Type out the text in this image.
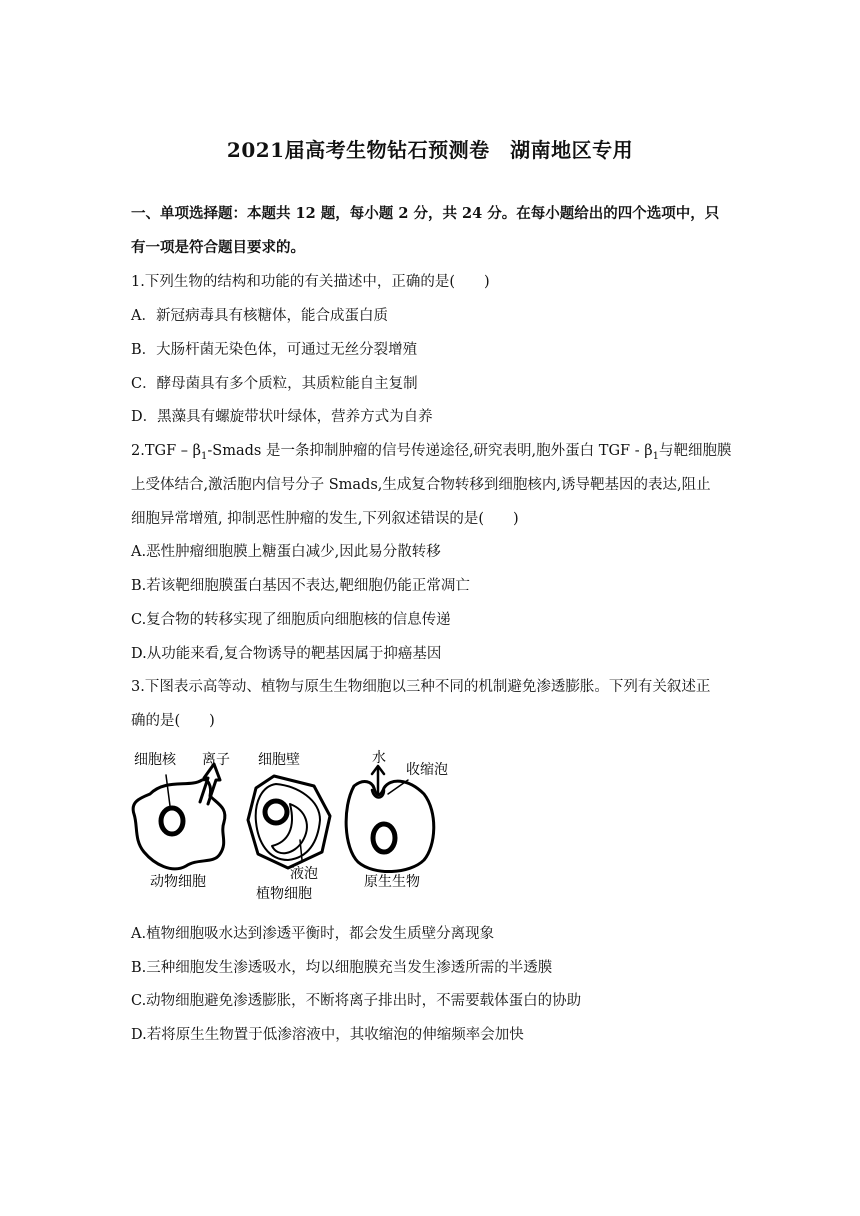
2021届高考生物钻石预测卷　湖南地区专用
一、单项选择题：本题共 12 题，每小题 2 分，共 24 分。在每小题给出的四个选项中，只
有一项是符合题目要求的。
1.下列生物的结构和功能的有关描述中，正确的是(　　)
A．新冠病毒具有核糖体，能合成蛋白质
B．大肠杆菌无染色体，可通过无丝分裂增殖
C．酵母菌具有多个质粒，其质粒能自主复制
D．黑藻具有螺旋带状叶绿体，营养方式为自养
$2.TGF - \beta_1$-Smads 是一条抑制肿瘤的信号传递途径,研究表明,胞外蛋白 TGF - $\beta_1$与靶细胞膜
上受体结合,激活胞内信号分子 Smads,生成复合物转移到细胞核内,诱导靶基因的表达,阻止
细胞异常增殖, 抑制恶性肿瘤的发生,下列叙述错误的是(　　)
A.恶性肿瘤细胞膜上糖蛋白减少,因此易分散转移
B.若该靶细胞膜蛋白基因不表达,靶细胞仍能正常凋亡
C.复合物的转移实现了细胞质向细胞核的信息传递
D.从功能来看,复合物诱导的靶基因属于抑癌基因
3.下图表示高等动、植物与原生生物细胞以三种不同的机制避免渗透膨胀。下列有关叙述正
确的是(　　)
细胞核 离子
动物细胞
细胞壁
液泡
植物细胞
水
收缩泡
原生生物
A.植物细胞吸水达到渗透平衡时，都会发生质壁分离现象
B.三种细胞发生渗透吸水，均以细胞膜充当发生渗透所需的半透膜
C.动物细胞避免渗透膨胀，不断将离子排出时，不需要载体蛋白的协助
D.若将原生生物置于低渗溶液中，其收缩泡的伸缩频率会加快
